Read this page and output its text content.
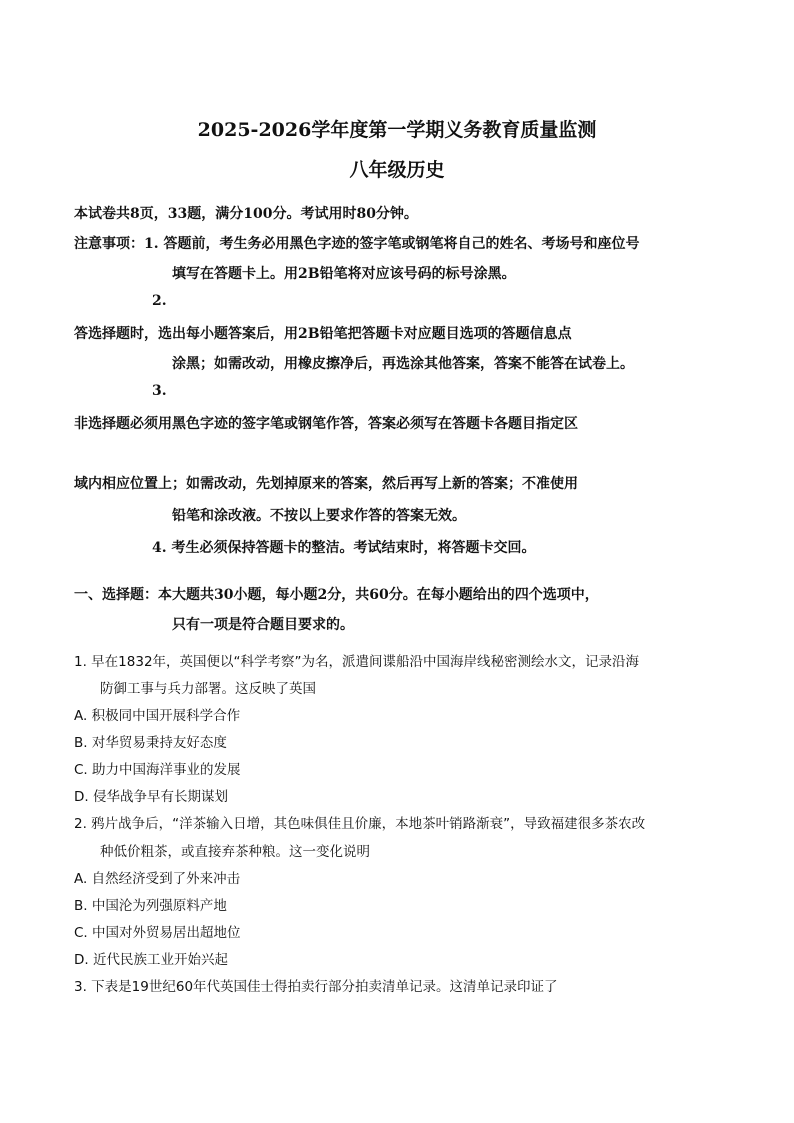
2025-2026学年度第一学期义务教育质量监测
八年级历史
本试卷共8页，33题，满分100分。考试用时80分钟。
注意事项：1. 答题前，考生务必用黑色字迹的签字笔或钢笔将自己的姓名、考场号和座位号
填写在答题卡上。用2B铅笔将对应该号码的标号涂黑。
2.
答选择题时，选出每小题答案后，用2B铅笔把答题卡对应题目选项的答题信息点
涂黑；如需改动，用橡皮擦净后，再选涂其他答案，答案不能答在试卷上。
3.
非选择题必须用黑色字迹的签字笔或钢笔作答，答案必须写在答题卡各题目指定区
域内相应位置上；如需改动，先划掉原来的答案，然后再写上新的答案；不准使用
铅笔和涂改液。不按以上要求作答的答案无效。
4. 考生必须保持答题卡的整洁。考试结束时，将答题卡交回。
一、选择题：本大题共30小题，每小题2分，共60分。在每小题给出的四个选项中，
只有一项是符合题目要求的。
1. 早在1832年，英国便以“科学考察”为名，派遣间谍船沿中国海岸线秘密测绘水文，记录沿海
防御工事与兵力部署。这反映了英国
A. 积极同中国开展科学合作
B. 对华贸易秉持友好态度
C. 助力中国海洋事业的发展
D. 侵华战争早有长期谋划
2. 鸦片战争后，“洋茶输入日增，其色味俱佳且价廉，本地茶叶销路渐衰”，导致福建很多茶农改
种低价粗茶，或直接弃茶种粮。这一变化说明
A. 自然经济受到了外来冲击
B. 中国沦为列强原料产地
C. 中国对外贸易居出超地位
D. 近代民族工业开始兴起
3. 下表是19世纪60年代英国佳士得拍卖行部分拍卖清单记录。这清单记录印证了
